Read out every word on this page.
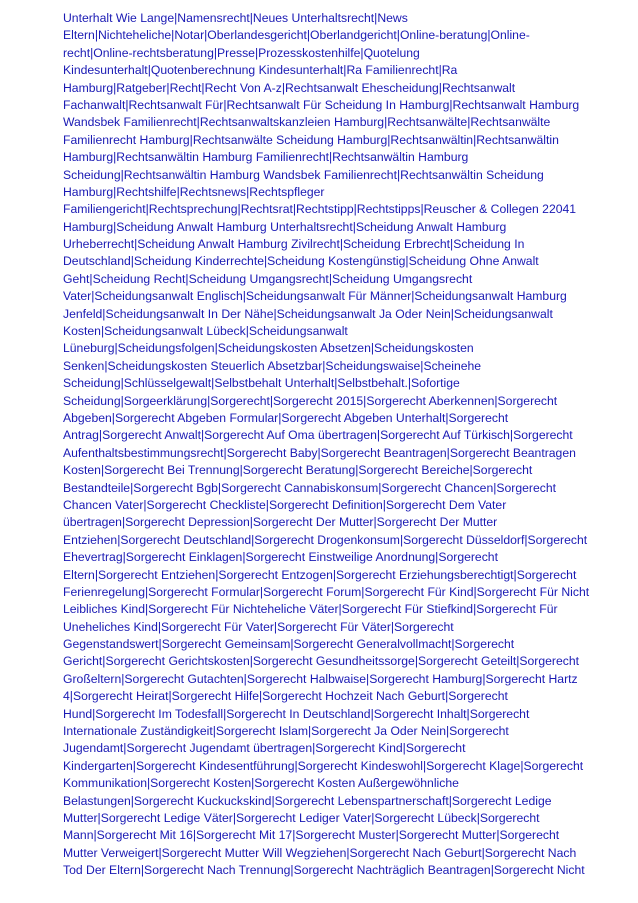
Unterhalt Wie Lange|Namensrecht|Neues Unterhaltsrecht|News
Eltern|Nichteheliche|Notar|Oberlandesgericht|Oberlandgericht|Online-beratung|Online-
recht|Online-rechtsberatung|Presse|Prozesskostenhilfe|Quotelung
Kindesunterhalt|Quotenberechnung Kindesunterhalt|Ra Familienrecht|Ra
Hamburg|Ratgeber|Recht|Recht Von A-z|Rechtsanwalt Ehescheidung|Rechtsanwalt
Fachanwalt|Rechtsanwalt Für|Rechtsanwalt Für Scheidung In Hamburg|Rechtsanwalt Hamburg
Wandsbek Familienrecht|Rechtsanwaltskanzleien Hamburg|Rechtsanwälte|Rechtsanwälte
Familienrecht Hamburg|Rechtsanwälte Scheidung Hamburg|Rechtsanwältin|Rechtsanwältin
Hamburg|Rechtsanwältin Hamburg Familienrecht|Rechtsanwältin Hamburg
Scheidung|Rechtsanwältin Hamburg Wandsbek Familienrecht|Rechtsanwältin Scheidung
Hamburg|Rechtshilfe|Rechtsnews|Rechtspfleger
Familiengericht|Rechtsprechung|Rechtsrat|Rechtstipp|Rechtstipps|Reuscher & Collegen 22041
Hamburg|Scheidung Anwalt Hamburg Unterhaltsrecht|Scheidung Anwalt Hamburg
Urheberrecht|Scheidung Anwalt Hamburg Zivilrecht|Scheidung Erbrecht|Scheidung In
Deutschland|Scheidung Kinderrechte|Scheidung Kostengünstig|Scheidung Ohne Anwalt
Geht|Scheidung Recht|Scheidung Umgangsrecht|Scheidung Umgangsrecht
Vater|Scheidungsanwalt Englisch|Scheidungsanwalt Für Männer|Scheidungsanwalt Hamburg
Jenfeld|Scheidungsanwalt In Der Nähe|Scheidungsanwalt Ja Oder Nein|Scheidungsanwalt
Kosten|Scheidungsanwalt Lübeck|Scheidungsanwalt
Lüneburg|Scheidungsfolgen|Scheidungskosten Absetzen|Scheidungskosten
Senken|Scheidungskosten Steuerlich Absetzbar|Scheidungswaise|Scheinehe
Scheidung|Schlüsselgewalt|Selbstbehalt Unterhalt|Selbstbehalt.|Sofortige
Scheidung|Sorgeerklärung|Sorgerecht|Sorgerecht 2015|Sorgerecht Aberkennen|Sorgerecht
Abgeben|Sorgerecht Abgeben Formular|Sorgerecht Abgeben Unterhalt|Sorgerecht
Antrag|Sorgerecht Anwalt|Sorgerecht Auf Oma übertragen|Sorgerecht Auf Türkisch|Sorgerecht
Aufenthaltsbestimmungsrecht|Sorgerecht Baby|Sorgerecht Beantragen|Sorgerecht Beantragen
Kosten|Sorgerecht Bei Trennung|Sorgerecht Beratung|Sorgerecht Bereiche|Sorgerecht
Bestandteile|Sorgerecht Bgb|Sorgerecht Cannabiskonsum|Sorgerecht Chancen|Sorgerecht
Chancen Vater|Sorgerecht Checkliste|Sorgerecht Definition|Sorgerecht Dem Vater
übertragen|Sorgerecht Depression|Sorgerecht Der Mutter|Sorgerecht Der Mutter
Entziehen|Sorgerecht Deutschland|Sorgerecht Drogenkonsum|Sorgerecht Düsseldorf|Sorgerecht
Ehevertrag|Sorgerecht Einklagen|Sorgerecht Einstweilige Anordnung|Sorgerecht
Eltern|Sorgerecht Entziehen|Sorgerecht Entzogen|Sorgerecht Erziehungsberechtigt|Sorgerecht
Ferienregelung|Sorgerecht Formular|Sorgerecht Forum|Sorgerecht Für Kind|Sorgerecht Für Nicht
Leibliches Kind|Sorgerecht Für Nichteheliche Väter|Sorgerecht Für Stiefkind|Sorgerecht Für
Uneheliches Kind|Sorgerecht Für Vater|Sorgerecht Für Väter|Sorgerecht
Gegenstandswert|Sorgerecht Gemeinsam|Sorgerecht Generalvollmacht|Sorgerecht
Gericht|Sorgerecht Gerichtskosten|Sorgerecht Gesundheitssorge|Sorgerecht Geteilt|Sorgerecht
Großeltern|Sorgerecht Gutachten|Sorgerecht Halbwaise|Sorgerecht Hamburg|Sorgerecht Hartz
4|Sorgerecht Heirat|Sorgerecht Hilfe|Sorgerecht Hochzeit Nach Geburt|Sorgerecht
Hund|Sorgerecht Im Todesfall|Sorgerecht In Deutschland|Sorgerecht Inhalt|Sorgerecht
Internationale Zuständigkeit|Sorgerecht Islam|Sorgerecht Ja Oder Nein|Sorgerecht
Jugendamt|Sorgerecht Jugendamt übertragen|Sorgerecht Kind|Sorgerecht
Kindergarten|Sorgerecht Kindesentführung|Sorgerecht Kindeswohl|Sorgerecht Klage|Sorgerecht
Kommunikation|Sorgerecht Kosten|Sorgerecht Kosten Außergewöhnliche
Belastungen|Sorgerecht Kuckuckskind|Sorgerecht Lebenspartnerschaft|Sorgerecht Ledige
Mutter|Sorgerecht Ledige Väter|Sorgerecht Lediger Vater|Sorgerecht Lübeck|Sorgerecht
Mann|Sorgerecht Mit 16|Sorgerecht Mit 17|Sorgerecht Muster|Sorgerecht Mutter|Sorgerecht
Mutter Verweigert|Sorgerecht Mutter Will Wegziehen|Sorgerecht Nach Geburt|Sorgerecht Nach
Tod Der Eltern|Sorgerecht Nach Trennung|Sorgerecht Nachträglich Beantragen|Sorgerecht Nicht
